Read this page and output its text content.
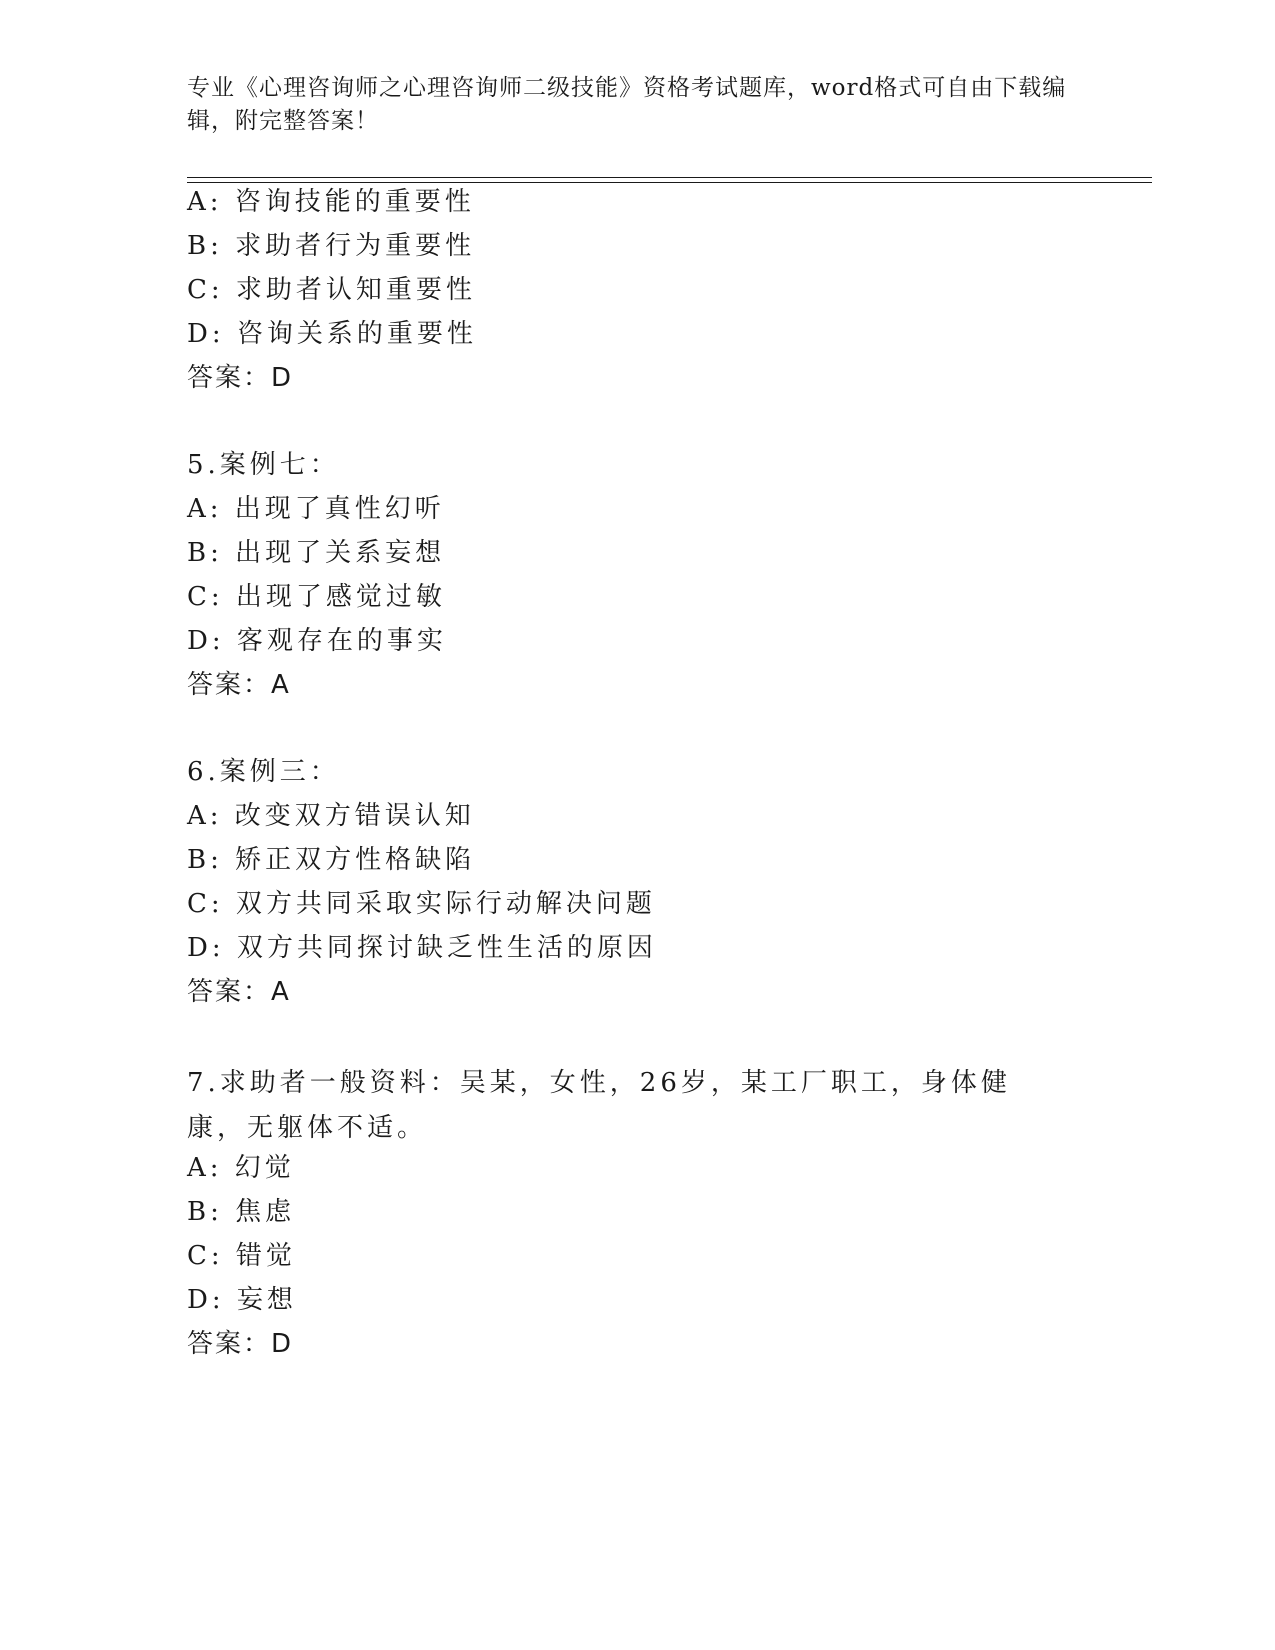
专业《心理咨询师之心理咨询师二级技能》资格考试题库，word格式可自由下载编辑，附完整答案！
A: 咨询技能的重要性
B: 求助者行为重要性
C: 求助者认知重要性
D: 咨询关系的重要性
答案：D
5.案例七：
A: 出现了真性幻听
B: 出现了关系妄想
C: 出现了感觉过敏
D: 客观存在的事实
答案：A
6.案例三：
A: 改变双方错误认知
B: 矫正双方性格缺陷
C: 双方共同采取实际行动解决问题
D: 双方共同探讨缺乏性生活的原因
答案：A
7.求助者一般资料：吴某，女性，26岁，某工厂职工，身体健康，无躯体不适。
A: 幻觉
B: 焦虑
C: 错觉
D: 妄想
答案：D
